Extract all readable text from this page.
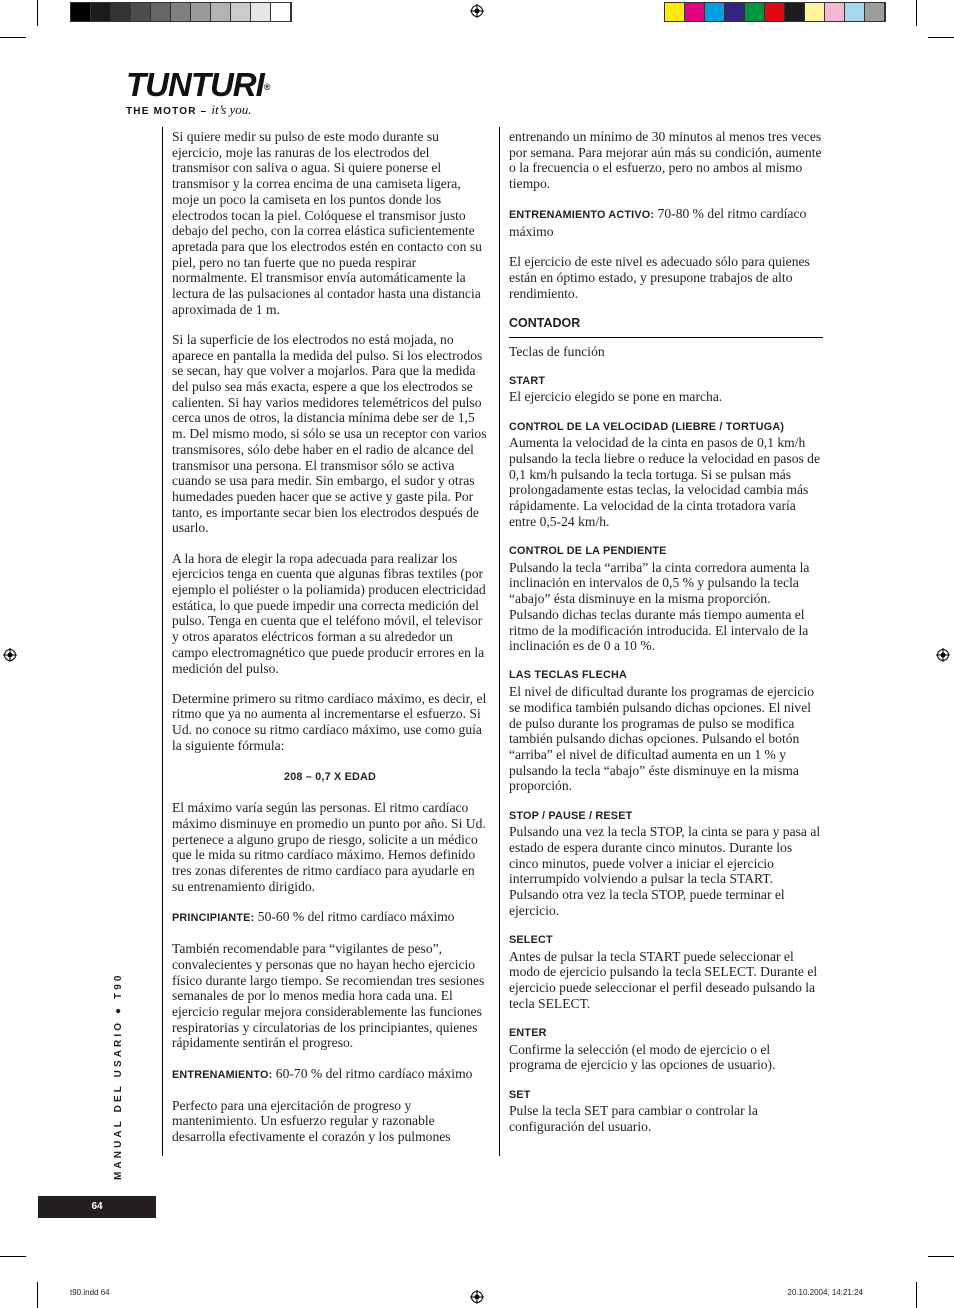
TUNTURI®
THE MOTOR – it’s you.

Si quiere medir su pulso de este modo durante su ejercicio, moje las ranuras de los electrodos del transmisor con saliva o agua. Si quiere ponerse el transmisor y la correa encima de una camiseta ligera, moje un poco la camiseta en los puntos donde los electrodos tocan la piel. Colóquese el transmisor justo debajo del pecho, con la correa elástica suficientemente apretada para que los electrodos estén en contacto con su piel, pero no tan fuerte que no pueda respirar normalmente. El transmisor envía automáticamente la lectura de las pulsaciones al contador hasta una distancia aproximada de 1 m.

Si la superficie de los electrodos no está mojada, no aparece en pantalla la medida del pulso. Si los electrodos se secan, hay que volver a mojarlos. Para que la medida del pulso sea más exacta, espere a que los electrodos se calienten. Si hay varios medidores telemétricos del pulso cerca unos de otros, la distancia mínima debe ser de 1,5 m. Del mismo modo, si sólo se usa un receptor con varios transmisores, sólo debe haber en el radio de alcance del transmisor una persona. El transmisor sólo se activa cuando se usa para medir. Sin embargo, el sudor y otras humedades pueden hacer que se active y gaste pila. Por tanto, es importante secar bien los electrodos después de usarlo.

A la hora de elegir la ropa adecuada para realizar los ejercicios tenga en cuenta que algunas fibras textiles (por ejemplo el poliéster o la poliamida) producen electricidad estática, lo que puede impedir una correcta medición del pulso. Tenga en cuenta que el teléfono móvil, el televisor y otros aparatos eléctricos forman a su alrededor un campo electromagnético que puede producir errores en la medición del pulso.

Determine primero su ritmo cardíaco máximo, es decir, el ritmo que ya no aumenta al incrementarse el esfuerzo. Si Ud. no conoce su ritmo cardíaco máximo, use como guía la siguiente fórmula:

208 – 0,7 X EDAD

El máximo varía según las personas. El ritmo cardíaco máximo disminuye en promedio un punto por año. Si Ud. pertenece a alguno grupo de riesgo, solicite a un médico que le mida su ritmo cardíaco máximo. Hemos definido tres zonas diferentes de ritmo cardíaco para ayudarle en su entrenamiento dirigido.

PRINCIPIANTE: 50-60 % del ritmo cardíaco máximo

También recomendable para “vigilantes de peso”, convalecientes y personas que no hayan hecho ejercicio físico durante largo tiempo. Se recomiendan tres sesiones semanales de por lo menos media hora cada una. El ejercicio regular mejora considerablemente las funciones respiratorias y circulatorias de los principiantes, quienes rápidamente sentirán el progreso.

ENTRENAMIENTO: 60-70 % del ritmo cardíaco máximo

Perfecto para una ejercitación de progreso y mantenimiento. Un esfuerzo regular y razonable desarrolla efectivamente el corazón y los pulmones

entrenando un mínimo de 30 minutos al menos tres veces por semana. Para mejorar aún más su condición, aumente o la frecuencia o el esfuerzo, pero no ambos al mismo tiempo.

ENTRENAMIENTO ACTIVO: 70-80 % del ritmo cardíaco máximo

El ejercicio de este nivel es adecuado sólo para quienes están en óptimo estado, y presupone trabajos de alto rendimiento.

CONTADOR

Teclas de función

START

El ejercicio elegido se pone en marcha.

CONTROL DE LA VELOCIDAD (LIEBRE / TORTUGA)

Aumenta la velocidad de la cinta en pasos de 0,1 km/h pulsando la tecla liebre o reduce la velocidad en pasos de 0,1 km/h pulsando la tecla tortuga. Si se pulsan más prolongadamente estas teclas, la velocidad cambia más rápidamente. La velocidad de la cinta trotadora varía entre 0,5-24 km/h.

CONTROL DE LA PENDIENTE

Pulsando la tecla “arriba” la cinta corredora aumenta la inclinación en intervalos de 0,5 % y pulsando la tecla “abajo” ésta disminuye en la misma proporción. Pulsando dichas teclas durante más tiempo aumenta el ritmo de la modificación introducida. El intervalo de la inclinación es de 0 a 10 %.

LAS TECLAS FLECHA

El nivel de dificultad durante los programas de ejercicio se modifica también pulsando dichas opciones. El nivel de pulso durante los programas de pulso se modifica también pulsando dichas opciones. Pulsando el botón “arriba” el nivel de dificultad aumenta en un 1 % y pulsando la tecla “abajo” éste disminuye en la misma proporción.

STOP / PAUSE / RESET

Pulsando una vez la tecla STOP, la cinta se para y pasa al estado de espera durante cinco minutos. Durante los cinco minutos, puede volver a iniciar el ejercicio interrumpido volviendo a pulsar la tecla START. Pulsando otra vez la tecla STOP, puede terminar el ejercicio.

SELECT

Antes de pulsar la tecla START puede seleccionar el modo de ejercicio pulsando la tecla SELECT. Durante el ejercicio puede seleccionar el perfil deseado pulsando la tecla SELECT.

ENTER

Confirme la selección (el modo de ejercicio o el programa de ejercicio y las opciones de usuario).

SET

Pulse la tecla SET para cambiar o controlar la configuración del usuario.

MANUAL DEL USARIO ● T90
64
t90.indd 64	20.10.2004, 14:21:24
